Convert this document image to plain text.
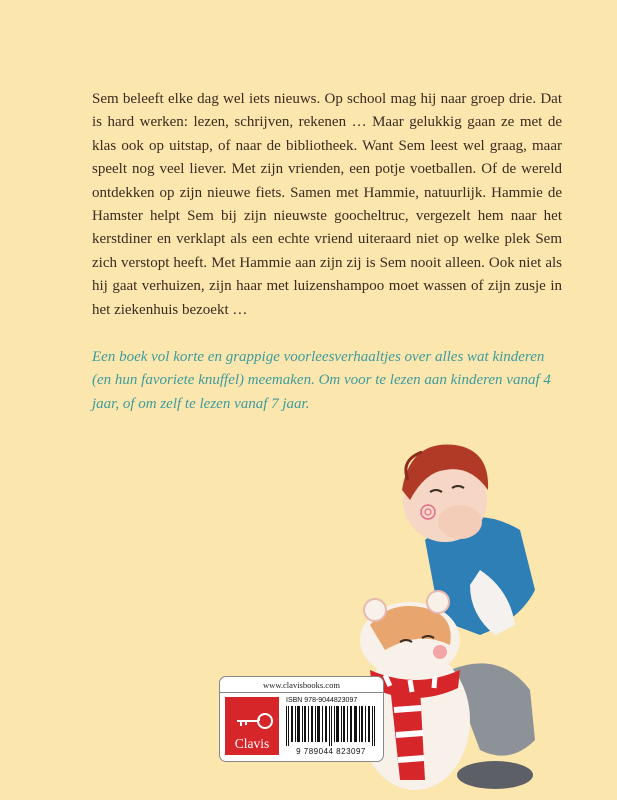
Sem beleeft elke dag wel iets nieuws. Op school mag hij naar groep drie. Dat is hard werken: lezen, schrijven, rekenen … Maar gelukkig gaan ze met de klas ook op uitstap, of naar de bibliotheek. Want Sem leest wel graag, maar speelt nog veel liever. Met zijn vrienden, een potje voetballen. Of de wereld ontdekken op zijn nieuwe fiets. Samen met Hammie, natuurlijk. Hammie de Hamster helpt Sem bij zijn nieuwste goocheltruc, vergezelt hem naar het kerstdiner en verklapt als een echte vriend uiteraard niet op welke plek Sem zich verstopt heeft. Met Hammie aan zijn zij is Sem nooit alleen. Ook niet als hij gaat verhuizen, zijn haar met luizenshampoo moet wassen of zijn zusje in het ziekenhuis bezoekt …

Een boek vol korte en grappige voorleesverhaaltjes over alles wat kinderen (en hun favoriete knuffel) meemaken. Om voor te lezen aan kinderen vanaf 4 jaar, of om zelf te lezen vanaf 7 jaar.

www.clavisbooks.com
Clavis
ISBN 978-9044823097
9 789044 823097
